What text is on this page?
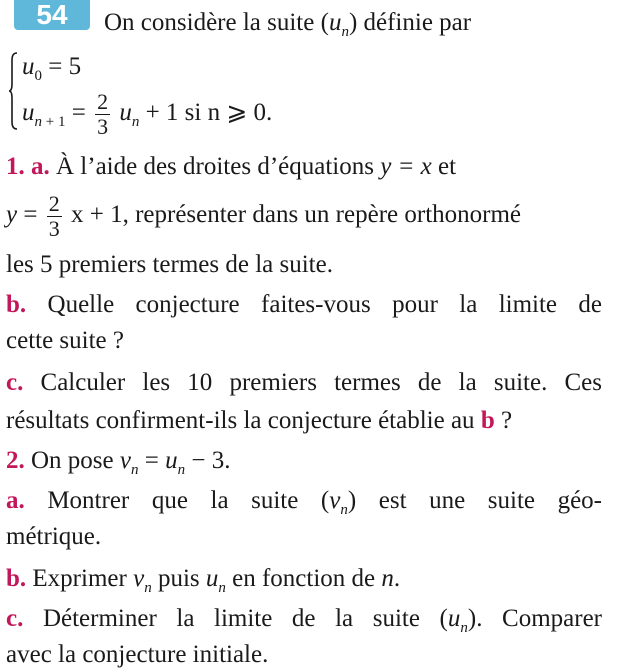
54	On considère la suite $(u_n)$ définie par
$u_0 = 5$
$u_{n + 1} = \frac{2}{3} u_n + 1$ si n ⩾ 0.
1. a. À l’aide des droites d’équations y = x et
$y = \frac{2}{3}$ x + 1, représenter dans un repère orthonormé
les 5 premiers termes de la suite.
b. Quelle conjecture faites-vous pour la limite de
cette suite ?
c. Calculer les 10 premiers termes de la suite. Ces
résultats confirment-ils la conjecture établie au b ?
2. On pose $v_n = u_n - 3$.
a. Montrer que la suite $(v_n)$ est une suite géo-
métrique.
b. Exprimer $v_n$ puis $u_n$ en fonction de n.
c. Déterminer la limite de la suite $(u_n)$. Comparer
avec la conjecture initiale.
